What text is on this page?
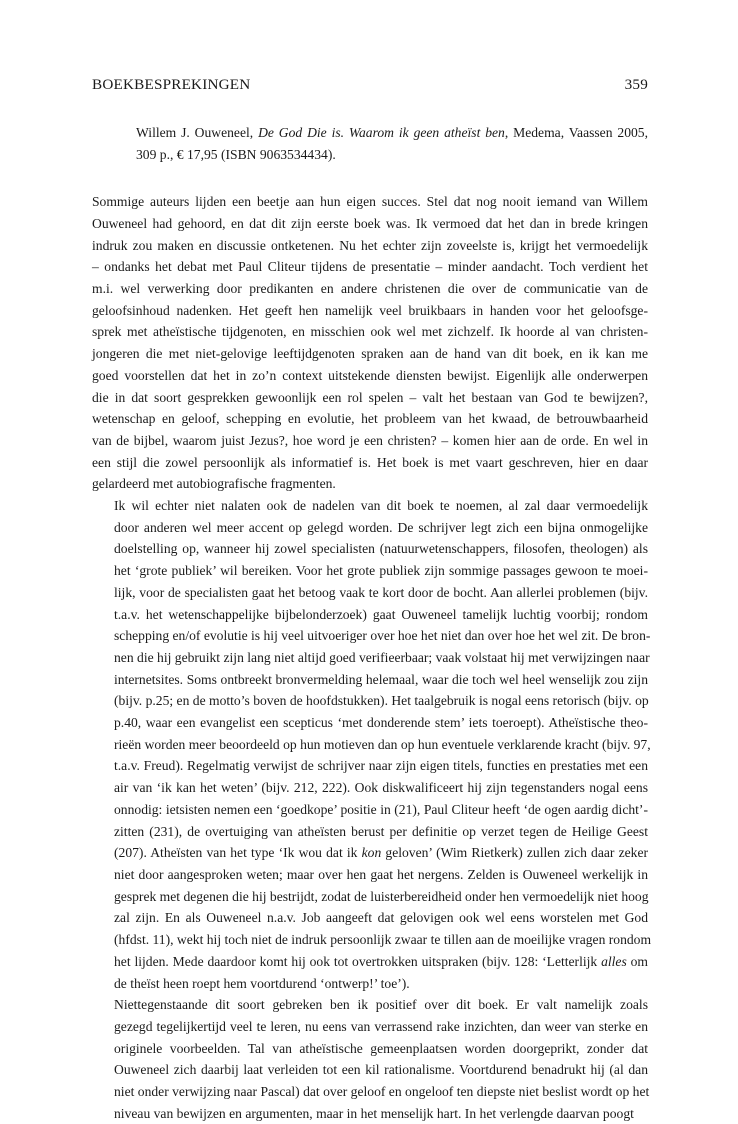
BOEKBESPREKINGEN	359
Willem J. Ouweneel, De God Die is. Waarom ik geen atheïst ben, Medema, Vaassen 2005, 309 p., € 17,95 (ISBN 9063534434).

Sommige auteurs lijden een beetje aan hun eigen succes. Stel dat nog nooit iemand van Willem
Ouweneel had gehoord, en dat dit zijn eerste boek was. Ik vermoed dat het dan in brede kringen
indruk zou maken en discussie ontketenen. Nu het echter zijn zoveelste is, krijgt het vermoedelijk
– ondanks het debat met Paul Cliteur tijdens de presentatie – minder aandacht. Toch verdient het
m.i. wel verwerking door predikanten en andere christenen die over de communicatie van de
geloofsinhoud nadenken. Het geeft hen namelijk veel bruikbaars in handen voor het geloofsge-
sprek met atheïstische tijdgenoten, en misschien ook wel met zichzelf. Ik hoorde al van christen-
jongeren die met niet-gelovige leeftijdgenoten spraken aan de hand van dit boek, en ik kan me
goed voorstellen dat het in zo’n context uitstekende diensten bewijst. Eigenlijk alle onderwerpen
die in dat soort gesprekken gewoonlijk een rol spelen – valt het bestaan van God te bewijzen?,
wetenschap en geloof, schepping en evolutie, het probleem van het kwaad, de betrouwbaarheid
van de bijbel, waarom juist Jezus?, hoe word je een christen? – komen hier aan de orde. En wel in
een stijl die zowel persoonlijk als informatief is. Het boek is met vaart geschreven, hier en daar
gelardeerd met autobiografische fragmenten.

Ik wil echter niet nalaten ook de nadelen van dit boek te noemen, al zal daar vermoedelijk
door anderen wel meer accent op gelegd worden. De schrijver legt zich een bijna onmogelijke
doelstelling op, wanneer hij zowel specialisten (natuurwetenschappers, filosofen, theologen) als
het ‘grote publiek’ wil bereiken. Voor het grote publiek zijn sommige passages gewoon te moei-
lijk, voor de specialisten gaat het betoog vaak te kort door de bocht. Aan allerlei problemen (bijv.
t.a.v. het wetenschappelijke bijbelonderzoek) gaat Ouweneel tamelijk luchtig voorbij; rondom
schepping en/of evolutie is hij veel uitvoeriger over hoe het niet dan over hoe het wel zit. De bron-
nen die hij gebruikt zijn lang niet altijd goed verifieerbaar; vaak volstaat hij met verwijzingen naar
internetsites. Soms ontbreekt bronvermelding helemaal, waar die toch wel heel wenselijk zou zijn
(bijv. p.25; en de motto’s boven de hoofdstukken). Het taalgebruik is nogal eens retorisch (bijv. op
p.40, waar een evangelist een scepticus ‘met donderende stem’ iets toeroept). Atheïstische theo-
rieën worden meer beoordeeld op hun motieven dan op hun eventuele verklarende kracht (bijv. 97,
t.a.v. Freud). Regelmatig verwijst de schrijver naar zijn eigen titels, functies en prestaties met een
air van ‘ik kan het weten’ (bijv. 212, 222). Ook diskwalificeert hij zijn tegenstanders nogal eens
onnodig: ietsisten nemen een ‘goedkope’ positie in (21), Paul Cliteur heeft ‘de ogen aardig dicht’-
zitten (231), de overtuiging van atheïsten berust per definitie op verzet tegen de Heilige Geest
(207). Atheïsten van het type ‘Ik wou dat ik kon geloven’ (Wim Rietkerk) zullen zich daar zeker
niet door aangesproken weten; maar over hen gaat het nergens. Zelden is Ouweneel werkelijk in
gesprek met degenen die hij bestrijdt, zodat de luisterbereidheid onder hen vermoedelijk niet hoog
zal zijn. En als Ouweneel n.a.v. Job aangeeft dat gelovigen ook wel eens worstelen met God
(hfdst. 11), wekt hij toch niet de indruk persoonlijk zwaar te tillen aan de moeilijke vragen rondom
het lijden. Mede daardoor komt hij ook tot overtrokken uitspraken (bijv. 128: ‘Letterlijk alles om
de theïst heen roept hem voortdurend ‘ontwerp!’ toe’).

Niettegenstaande dit soort gebreken ben ik positief over dit boek. Er valt namelijk zoals
gezegd tegelijkertijd veel te leren, nu eens van verrassend rake inzichten, dan weer van sterke en
originele voorbeelden. Tal van atheïstische gemeenplaatsen worden doorgeprikt, zonder dat
Ouweneel zich daarbij laat verleiden tot een kil rationalisme. Voortdurend benadrukt hij (al dan
niet onder verwijzing naar Pascal) dat over geloof en ongeloof ten diepste niet beslist wordt op het
niveau van bewijzen en argumenten, maar in het menselijk hart. In het verlengde daarvan poogt
